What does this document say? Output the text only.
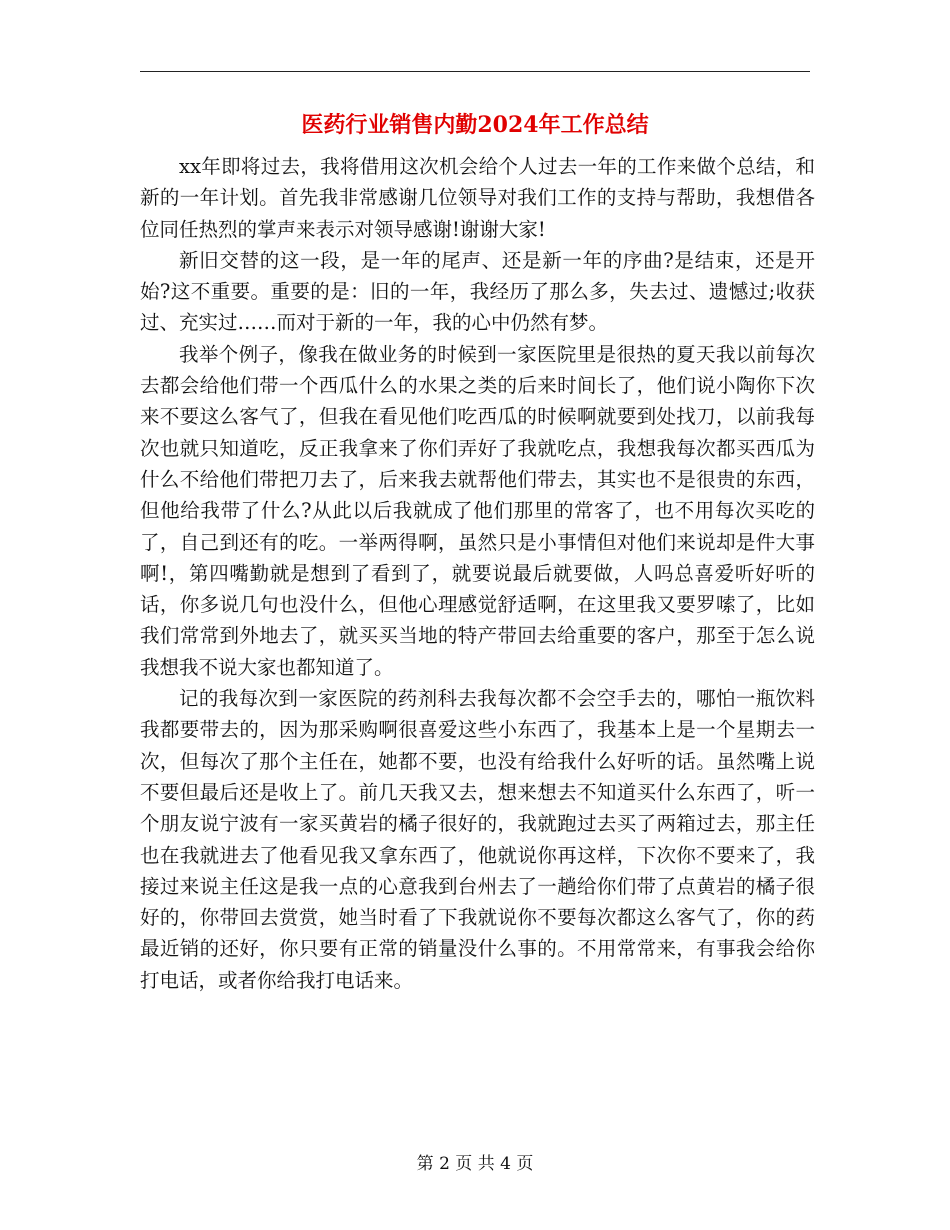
医药行业销售内勤2024年工作总结

xx年即将过去，我将借用这次机会给个人过去一年的工作来做个总结，和新的一年计划。首先我非常感谢几位领导对我们工作的支持与帮助，我想借各位同任热烈的掌声来表示对领导感谢!谢谢大家!

新旧交替的这一段，是一年的尾声、还是新一年的序曲?是结束，还是开始?这不重要。重要的是：旧的一年，我经历了那么多，失去过、遗憾过;收获过、充实过……而对于新的一年，我的心中仍然有梦。

我举个例子，像我在做业务的时候到一家医院里是很热的夏天我以前每次去都会给他们带一个西瓜什么的水果之类的后来时间长了，他们说小陶你下次来不要这么客气了，但我在看见他们吃西瓜的时候啊就要到处找刀，以前我每次也就只知道吃，反正我拿来了你们弄好了我就吃点，我想我每次都买西瓜为什么不给他们带把刀去了，后来我去就帮他们带去，其实也不是很贵的东西，但他给我带了什么?从此以后我就成了他们那里的常客了，也不用每次买吃的了，自己到还有的吃。一举两得啊，虽然只是小事情但对他们来说却是件大事啊!，第四嘴勤就是想到了看到了，就要说最后就要做，人吗总喜爱听好听的话，你多说几句也没什么，但他心理感觉舒适啊，在这里我又要罗嗦了，比如我们常常到外地去了，就买买当地的特产带回去给重要的客户，那至于怎么说我想我不说大家也都知道了。

记的我每次到一家医院的药剂科去我每次都不会空手去的，哪怕一瓶饮料我都要带去的，因为那采购啊很喜爱这些小东西了，我基本上是一个星期去一次，但每次了那个主任在，她都不要，也没有给我什么好听的话。虽然嘴上说不要但最后还是收上了。前几天我又去，想来想去不知道买什么东西了，听一个朋友说宁波有一家买黄岩的橘子很好的，我就跑过去买了两箱过去，那主任也在我就进去了他看见我又拿东西了，他就说你再这样，下次你不要来了，我接过来说主任这是我一点的心意我到台州去了一趟给你们带了点黄岩的橘子很好的，你带回去赏赏，她当时看了下我就说你不要每次都这么客气了，你的药最近销的还好，你只要有正常的销量没什么事的。不用常常来，有事我会给你打电话，或者你给我打电话来。

第 2 页 共 4 页
